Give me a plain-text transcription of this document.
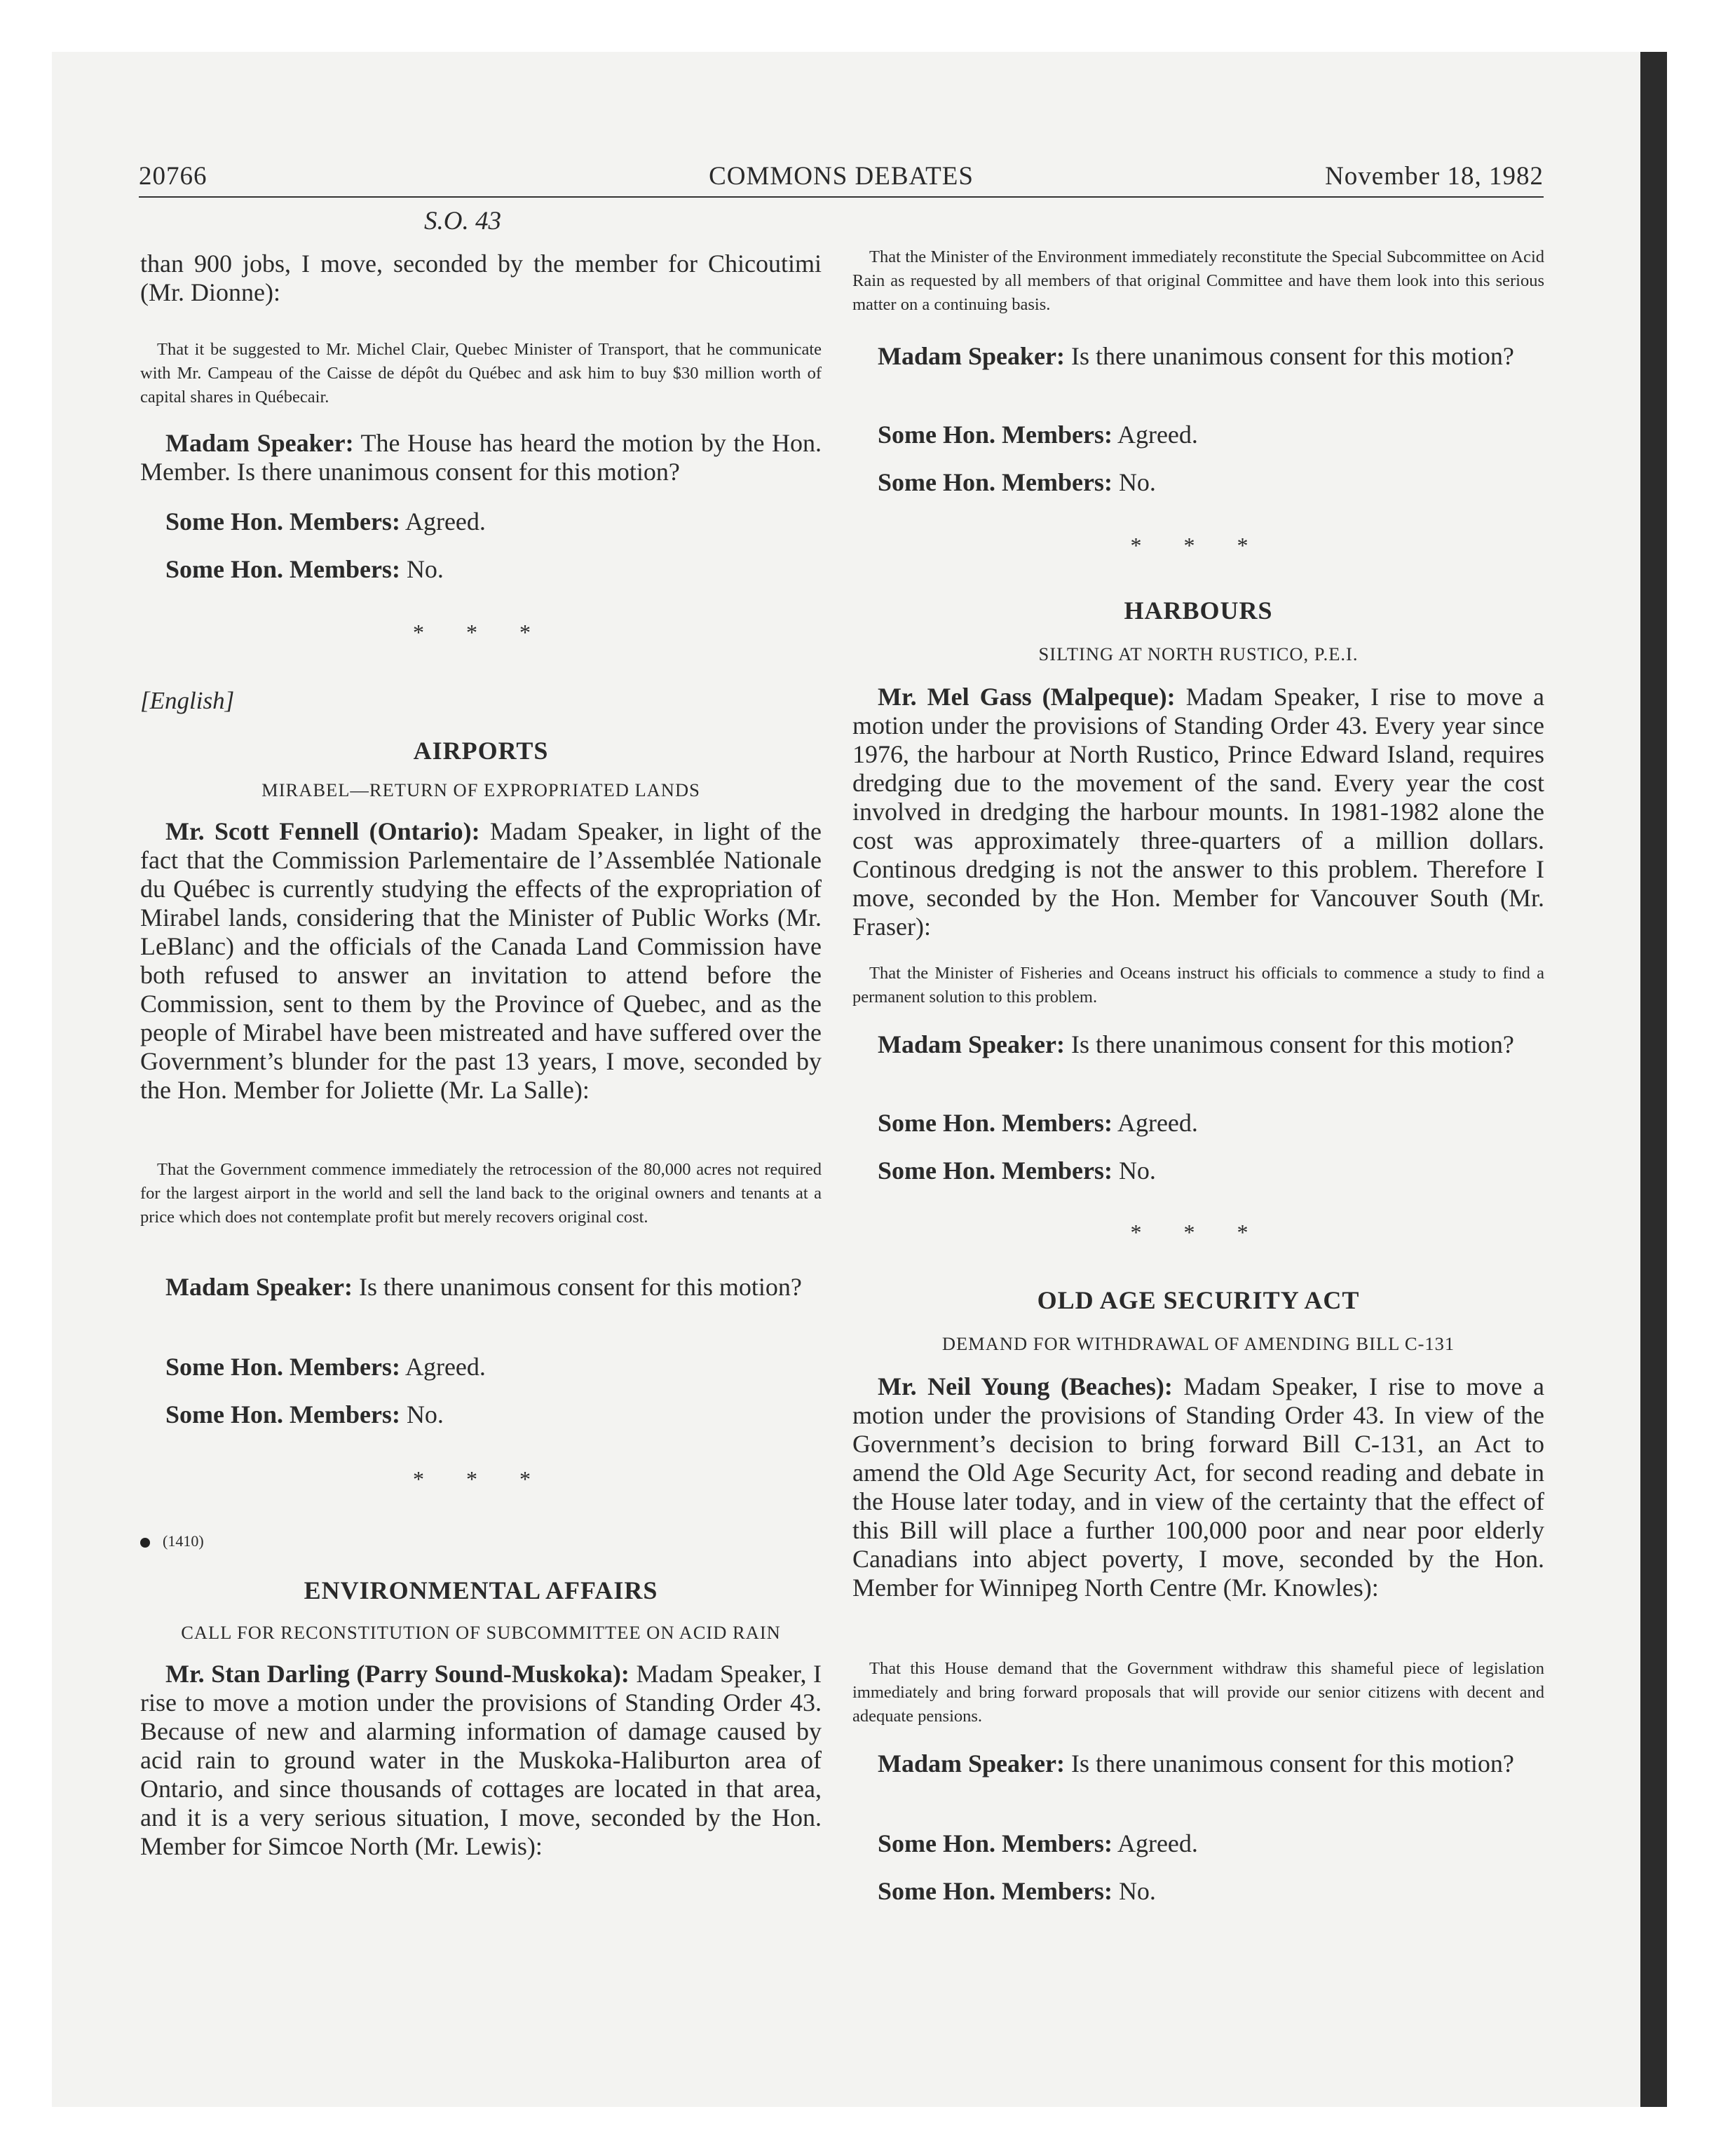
20766	COMMONS DEBATES	November 18, 1982
S.O. 43

than 900 jobs, I move, seconded by the member for Chicoutimi (Mr. Dionne):

That it be suggested to Mr. Michel Clair, Quebec Minister of Transport, that he communicate with Mr. Campeau of the Caisse de dépôt du Québec and ask him to buy $30 million worth of capital shares in Québecair.

Madam Speaker: The House has heard the motion by the Hon. Member. Is there unanimous consent for this motion?

Some Hon. Members: Agreed.

Some Hon. Members: No.

* * *

[English]

AIRPORTS

MIRABEL—RETURN OF EXPROPRIATED LANDS

Mr. Scott Fennell (Ontario): Madam Speaker, in light of the fact that the Commission Parlementaire de l’Assemblée Nationale du Québec is currently studying the effects of the expropriation of Mirabel lands, considering that the Minister of Public Works (Mr. LeBlanc) and the officials of the Canada Land Commission have both refused to answer an invitation to attend before the Commission, sent to them by the Province of Quebec, and as the people of Mirabel have been mistreated and have suffered over the Government’s blunder for the past 13 years, I move, seconded by the Hon. Member for Joliette (Mr. La Salle):

That the Government commence immediately the retrocession of the 80,000 acres not required for the largest airport in the world and sell the land back to the original owners and tenants at a price which does not contemplate profit but merely recovers original cost.

Madam Speaker: Is there unanimous consent for this motion?

Some Hon. Members: Agreed.

Some Hon. Members: No.

* * *

(1410)

ENVIRONMENTAL AFFAIRS

CALL FOR RECONSTITUTION OF SUBCOMMITTEE ON ACID RAIN

Mr. Stan Darling (Parry Sound-Muskoka): Madam Speaker, I rise to move a motion under the provisions of Standing Order 43. Because of new and alarming information of damage caused by acid rain to ground water in the Muskoka-Haliburton area of Ontario, and since thousands of cottages are located in that area, and it is a very serious situation, I move, seconded by the Hon. Member for Simcoe North (Mr. Lewis):

That the Minister of the Environment immediately reconstitute the Special Subcommittee on Acid Rain as requested by all members of that original Committee and have them look into this serious matter on a continuing basis.

Madam Speaker: Is there unanimous consent for this motion?

Some Hon. Members: Agreed.

Some Hon. Members: No.

* * *

HARBOURS

SILTING AT NORTH RUSTICO, P.E.I.

Mr. Mel Gass (Malpeque): Madam Speaker, I rise to move a motion under the provisions of Standing Order 43. Every year since 1976, the harbour at North Rustico, Prince Edward Island, requires dredging due to the movement of the sand. Every year the cost involved in dredging the harbour mounts. In 1981-1982 alone the cost was approximately three-quarters of a million dollars. Continous dredging is not the answer to this problem. Therefore I move, seconded by the Hon. Member for Vancouver South (Mr. Fraser):

That the Minister of Fisheries and Oceans instruct his officials to commence a study to find a permanent solution to this problem.

Madam Speaker: Is there unanimous consent for this motion?

Some Hon. Members: Agreed.

Some Hon. Members: No.

* * *

OLD AGE SECURITY ACT

DEMAND FOR WITHDRAWAL OF AMENDING BILL C-131

Mr. Neil Young (Beaches): Madam Speaker, I rise to move a motion under the provisions of Standing Order 43. In view of the Government’s decision to bring forward Bill C-131, an Act to amend the Old Age Security Act, for second reading and debate in the House later today, and in view of the certainty that the effect of this Bill will place a further 100,000 poor and near poor elderly Canadians into abject poverty, I move, seconded by the Hon. Member for Winnipeg North Centre (Mr. Knowles):

That this House demand that the Government withdraw this shameful piece of legislation immediately and bring forward proposals that will provide our senior citizens with decent and adequate pensions.

Madam Speaker: Is there unanimous consent for this motion?

Some Hon. Members: Agreed.

Some Hon. Members: No.
